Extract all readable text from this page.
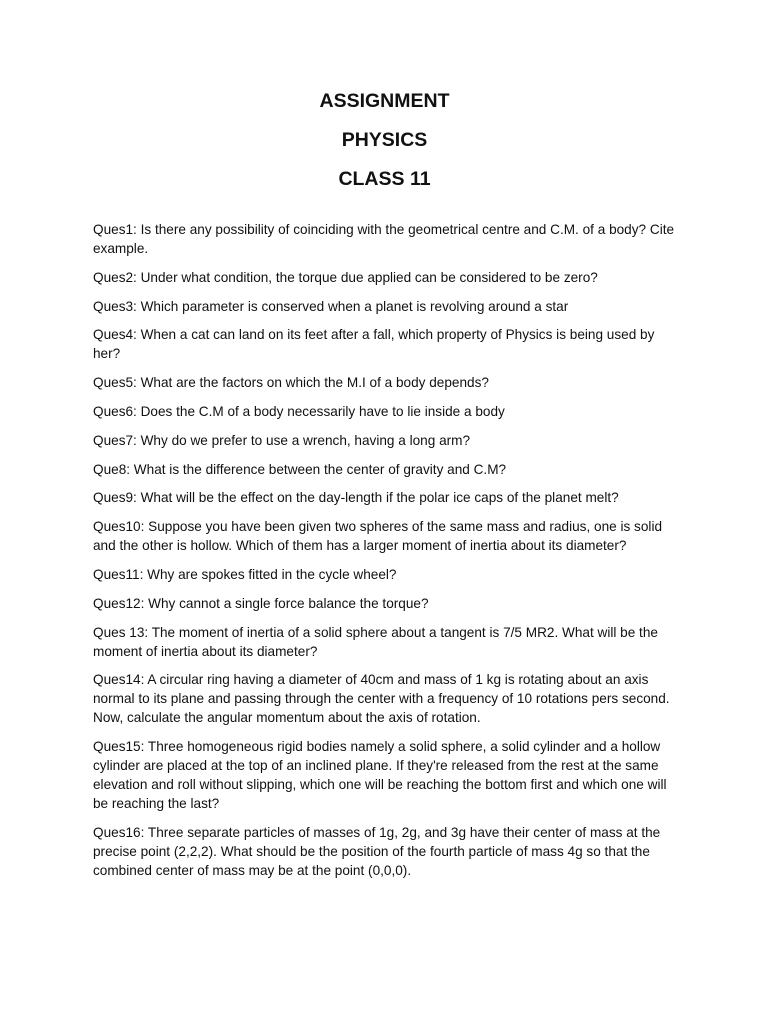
ASSIGNMENT
PHYSICS
CLASS 11

Ques1: Is there any possibility of coinciding with the geometrical centre and C.M. of a body? Cite example.

Ques2: Under what condition, the torque due applied can be considered to be zero?

Ques3: Which parameter is conserved when a planet is revolving around a star

Ques4: When a cat can land on its feet after a fall, which property of Physics is being used by her?

Ques5: What are the factors on which the M.I of a body depends?

Ques6: Does the C.M of a body necessarily have to lie inside a body

Ques7: Why do we prefer to use a wrench, having a long arm?

Que8: What is the difference between the center of gravity and C.M?

Ques9: What will be the effect on the day-length if the polar ice caps of the planet melt?

Ques10: Suppose you have been given two spheres of the same mass and radius, one is solid and the other is hollow. Which of them has a larger moment of inertia about its diameter?

Ques11: Why are spokes fitted in the cycle wheel?

Ques12: Why cannot a single force balance the torque?

Ques 13: The moment of inertia of a solid sphere about a tangent is 7/5 MR2. What will be the moment of inertia about its diameter?

Ques14: A circular ring having a diameter of 40cm and mass of 1 kg is rotating about an axis normal to its plane and passing through the center with a frequency of 10 rotations pers second. Now, calculate the angular momentum about the axis of rotation.

Ques15: Three homogeneous rigid bodies namely a solid sphere, a solid cylinder and a hollow cylinder are placed at the top of an inclined plane. If they're released from the rest at the same elevation and roll without slipping, which one will be reaching the bottom first and which one will be reaching the last?

Ques16: Three separate particles of masses of 1g, 2g, and 3g have their center of mass at the precise point (2,2,2). What should be the position of the fourth particle of mass 4g so that the combined center of mass may be at the point (0,0,0).
